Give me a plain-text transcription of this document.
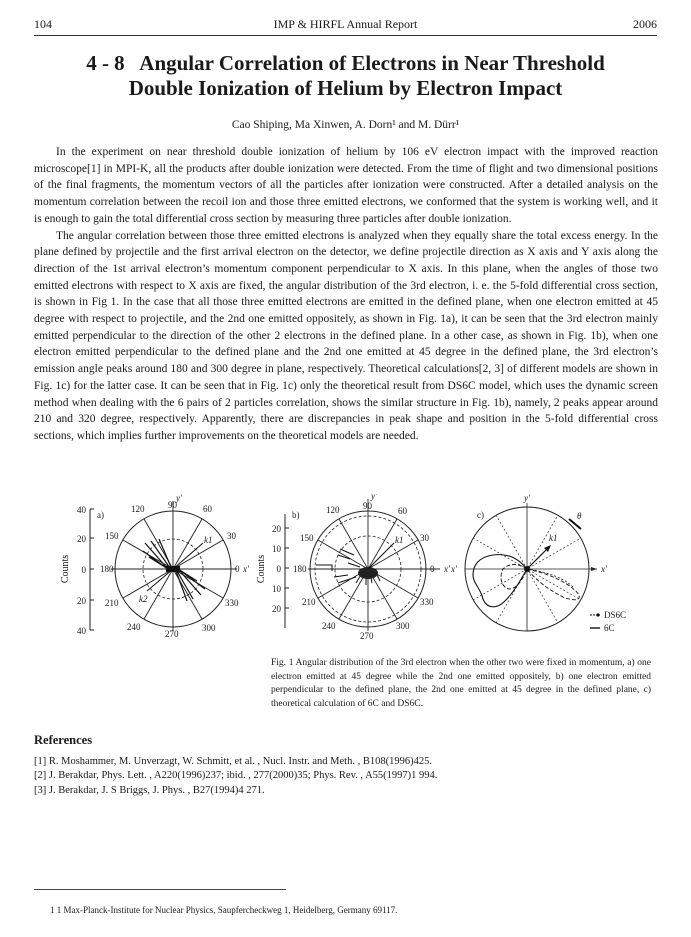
104	IMP & HIRFL Annual Report	2006
4 - 8   Angular Correlation of Electrons in Near Threshold
Double Ionization of Helium by Electron Impact
Cao Shiping, Ma Xinwen, A. Dorn¹ and M. Dürr¹

In the experiment on near threshold double ionization of helium by 106 eV electron impact with the improved reaction microscope[1] in MPI-K, all the products after double ionization were detected. From the time of flight and two dimensional positions of the final fragments, the momentum vectors of all the particles after ionization were constructed. After a detailed analysis on the momentum correlation between the recoil ion and those three emitted electrons, we conformed that the system is working well, and it is enough to gain the total differential cross section by measuring three particles after double ionization.

The angular correlation between those three emitted electrons is analyzed when they equally share the total excess energy. In the plane defined by projectile and the first arrival electron on the detector, we define projectile direction as X axis and Y axis along the direction of the 1st arrival electron’s momentum component perpendicular to X axis. In this plane, when the angles of those two emitted electrons with respect to X axis are fixed, the angular distribution of the 3rd electron, i. e. the 5-fold differential cross section, is shown in Fig 1. In the case that all those three emitted electrons are emitted in the defined plane, when one electron emitted at 45 degree with respect to projectile, and the 2nd one emitted oppositely, as shown in Fig. 1a), it can be seen that the 3rd electron mainly emitted perpendicular to the direction of the other 2 electrons in the defined plane. In a other case, as shown in Fig. 1b), when one electron emitted perpendicular to the defined plane and the 2nd one emitted at 45 degree in the defined plane, the 3rd electron’s emission angle peaks around 180 and 300 degree in plane, respectively. Theoretical calculations[2, 3] of different models are shown in Fig. 1c) for the latter case. It can be seen that in Fig. 1c) only the theoretical result from DS6C model, which uses the dynamic screen method when dealing with the 6 pairs of 2 particles correlation, shows the similar structure in Fig. 1b), namely, 2 peaks appear around 210 and 320 degree, respectively. Apparently, there are discrepancies in peak shape and position in the 5-fold differential cross sections, which implies further improvements on the theoretical models are needed.

40
20
0
20
40
Counts
a)
k1
k2
0
30
60
90
120
150
180
210
240
270
300
330
x'
y'
20
10
0
10
20
Counts
b)
k1
0
30
60
90
120
150
180
210
240
270
300
330
x'
y'
c)
k1
θ
x'
x'
y'
DS6C
6C
Fig. 1 Angular distribution of the 3rd electron when the other two were fixed in momentum, a) one electron emitted at 45 degree while the 2nd one emitted oppositely, b) one electron emitted perpendicular to the defined plane, the 2nd one emitted at 45 degree in the defined plane, c) theoretical calculation of 6C and DS6C.
References
[1] R. Moshammer, M. Unverzagt, W. Schmitt, et al. , Nucl. Instr. and Meth. , B108(1996)425.
[2] J. Berakdar, Phys. Lett. , A220(1996)237; ibid. , 277(2000)35; Phys. Rev. , A55(1997)1 994.
[3] J. Berakdar, J. S Briggs, J. Phys. , B27(1994)4 271.
1 1 Max-Planck-Institute for Nuclear Physics, Saupfercheckweg 1, Heidelberg, Germany 69117.
